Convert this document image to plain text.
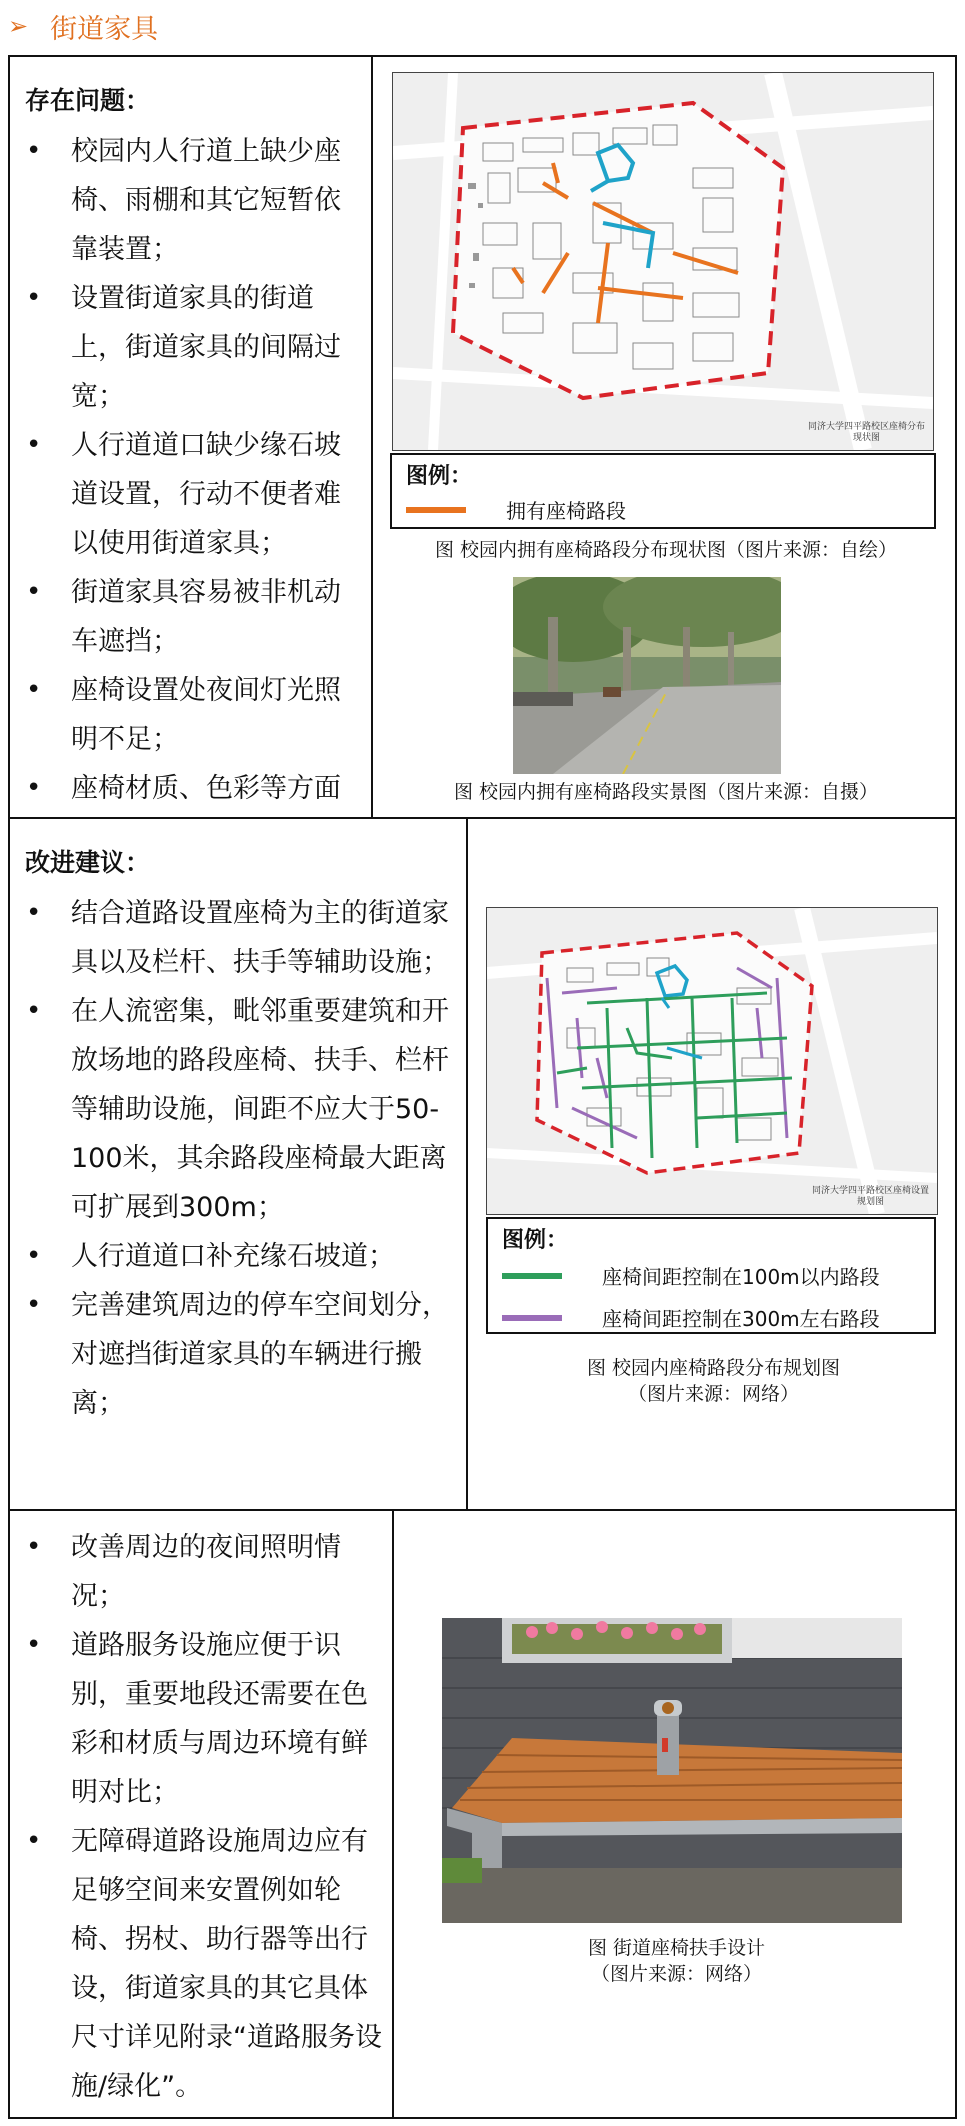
➢ 街道家具
存在问题：
• 校园内人行道上缺少座椅、雨棚和其它短暂依靠装置；
• 设置街道家具的街道上，街道家具的间隔过宽；
• 人行道道口缺少缘石坡道设置，行动不便者难以使用街道家具；
• 街道家具容易被非机动车遮挡；
• 座椅设置处夜间灯光照明不足；
• 座椅材质、色彩等方面
同济大学四平路校区座椅分布
现状图
图例：
拥有座椅路段
图 校园内拥有座椅路段分布现状图（图片来源：自绘）
图 校园内拥有座椅路段实景图（图片来源：自摄）
改进建议：
• 结合道路设置座椅为主的街道家具以及栏杆、扶手等辅助设施；
• 在人流密集，毗邻重要建筑和开放场地的路段座椅、扶手、栏杆等辅助设施，间距不应大于50-100米，其余路段座椅最大距离可扩展到300m；
• 人行道道口补充缘石坡道；
• 完善建筑周边的停车空间划分，对遮挡街道家具的车辆进行搬离；
同济大学四平路校区座椅设置
规划图
图例：
座椅间距控制在100m以内路段
座椅间距控制在300m左右路段
图 校园内座椅路段分布规划图
（图片来源：网络）
• 改善周边的夜间照明情况；
• 道路服务设施应便于识别，重要地段还需要在色彩和材质与周边环境有鲜明对比；
• 无障碍道路设施周边应有足够空间来安置例如轮椅、拐杖、助行器等出行设，街道家具的其它具体尺寸详见附录“道路服务设施/绿化”。
图 街道座椅扶手设计
（图片来源：网络）
